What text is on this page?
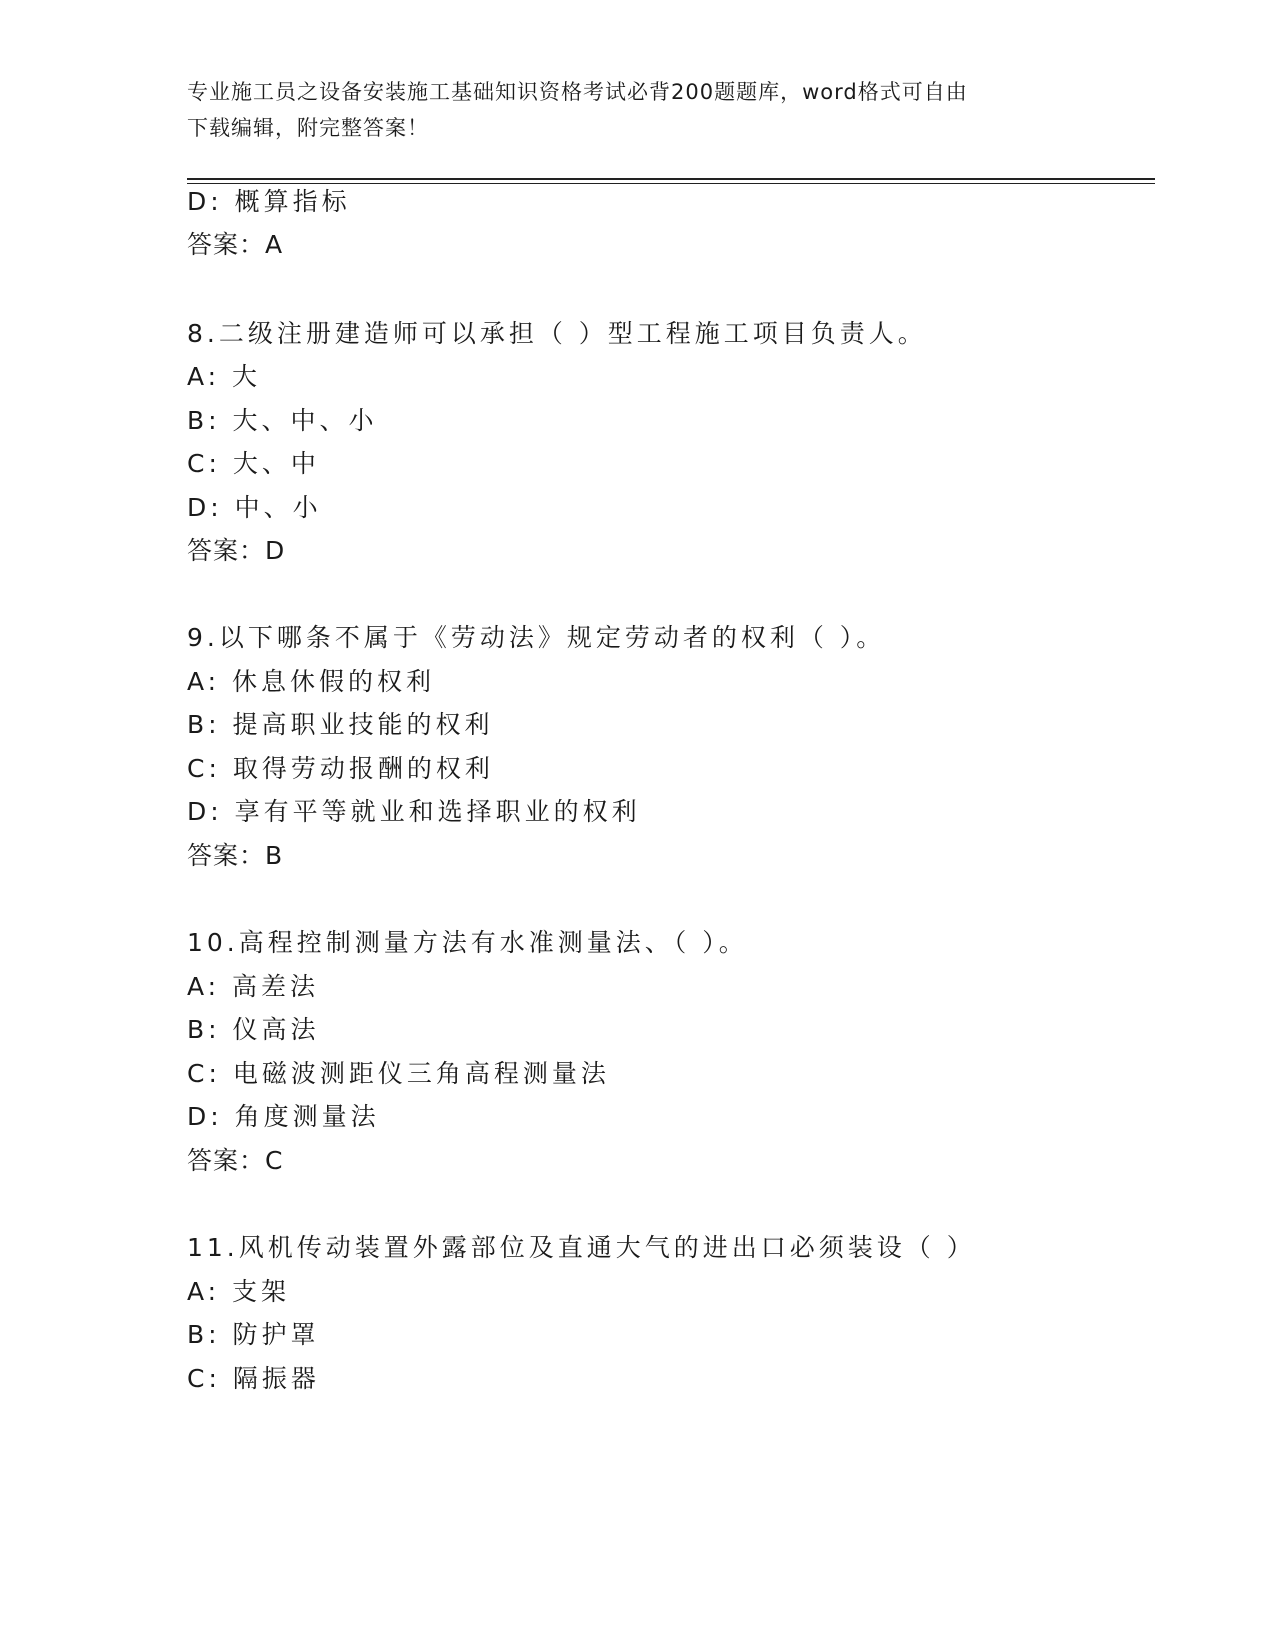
专业施工员之设备安装施工基础知识资格考试必背200题题库，word格式可自由
下载编辑，附完整答案！
D: 概算指标
答案：A
8.二级注册建造师可以承担（ ）型工程施工项目负责人。
A: 大
B: 大、中、小
C: 大、中
D: 中、小
答案：D
9.以下哪条不属于《劳动法》规定劳动者的权利（ ）。
A: 休息休假的权利
B: 提高职业技能的权利
C: 取得劳动报酬的权利
D: 享有平等就业和选择职业的权利
答案：B
10.高程控制测量方法有水准测量法、（ ）。
A: 高差法
B: 仪高法
C: 电磁波测距仪三角高程测量法
D: 角度测量法
答案：C
11.风机传动装置外露部位及直通大气的进出口必须装设（ ）
A: 支架
B: 防护罩
C: 隔振器
